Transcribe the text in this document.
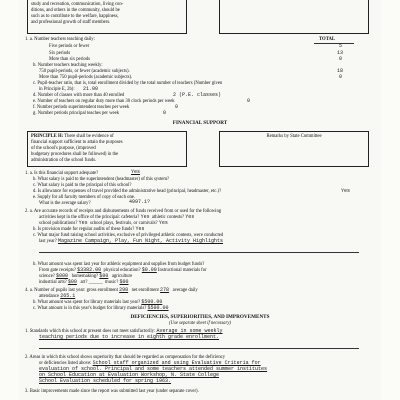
study and recreation, communication, living con-
ditions, and others in the community, should be
such as to contribute to the welfare, happiness,
and professional growth of staff members.
1. a. Number teachers teaching daily:	TOTAL
Five periods or fewer	5
Six periods	13
More than six periods	0
b. Number teachers teaching weekly:
750 pupil-periods, or fewer (academic subjects).	18
More than 750 pupil-periods (academic subjects).	0
c. Pupil-teacher ratio, that is, total enrollment divided by the total number of teachers (Number given
in Principle E, 2b): 21.00
d. Number of classes with more than 40 enrolled	2 (P.E. classes)
e. Number of teachers on regular duty more than 30 clock periods per week	0
f. Number periods superintendent teaches per week	0
g. Number periods principal teaches per week	0
FINANCIAL SUPPORT
PRINCIPLE H: There shall be evidence of
financial support sufficient to attain the purposes
of the school's purpose, (improved
budgetary procedures shall be followed) in the
administration of the school funds.
Remarks by State Committee
1. a. Is this financial support adequate?	Yes
b. What salary is paid to the superintendent (headmaster) of this system?
c. What salary is paid to the principal of this school?
d. Is allowance for expenses of travel provided the administrative head (principal, headmaster, etc.)?	Yes
e. Supply for all faculty members of copy of each one.
What is the average salary?	4997.1?
2. a. Are accurate records of receipts and disbursements of funds received from or used for the following
activities kept in the office of the principal: cafeteria? Yes athletic contests? Yes
school publications? Yes school plays, festivals, or carnivals? Yes
b. Is provision made for regular audits of these funds? Yes
c. What major fund raising school activities, exclusive of privileged athletic contests, were conducted
last year? Magazine Campaign, Play, Fun Night, Activity Highlights
b. What amount was spent last year for athletic equipment and supplies from budget funds?
From gate receipts? $3382.00 physical education? $0.00 Instructional materials for
science? $000 homemaking? $00 agriculture
industrial arts? $00 art? ______  music? $00
4. a. Number of pupils last year: gross enrollment 298 net enrollment 278 average daily
attendance 265.1
b. What amount was spent for library materials last year? $500.00
c. What amount is in this year's budget for library materials? $500.00
DEFICIENCIES, SUPERIORITIES, AND IMPROVEMENTS
(Use separate sheet if necessary)
1. Standards which this school at present does not meet satisfactorily: Average in some weekly
teaching periods due to increase in eighth grade enrollment.
2. Areas in which this school shows superiority that should be regarded as compensation for the deficiency
or deficiencies listed above: School staff organized and using Evaluative Criteria for
evaluation of school. Principal and some teachers attended summer institutes
on School Education at Evaluation Workshop, N. State College
School Evaluation scheduled for spring 1963.
3. Basic improvements made since the report was submitted last year (under separate cover).
